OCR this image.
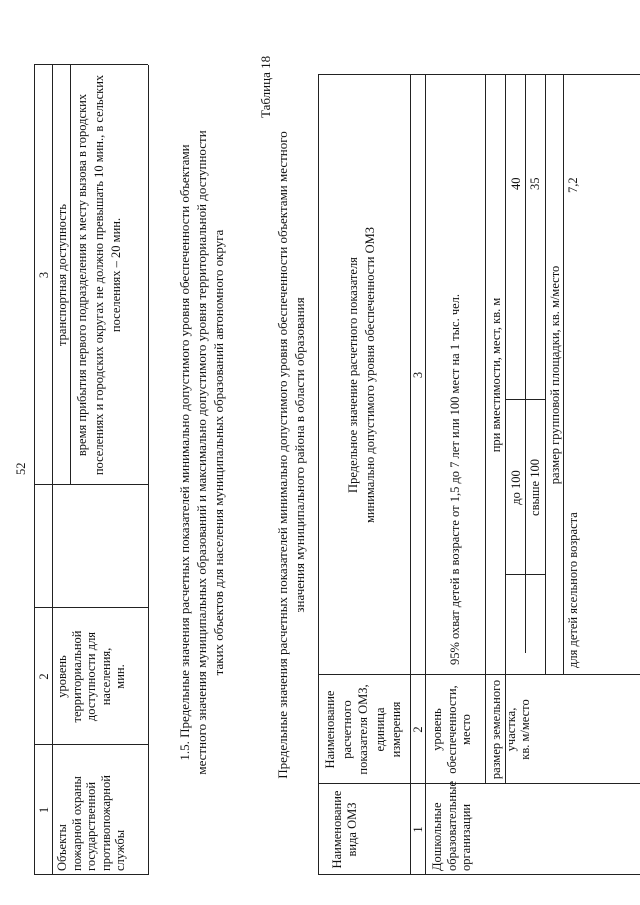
52
1
2
3
Объекты пожарной охраны государственной противопожарной службы
уровень территориальной доступности для населения, мин.
транспортная доступность время прибытия первого подразделения к месту вызова в городских поселениях и городских округах не должно превышать 10 мин., в сельских поселениях – 20 мин.	1.5. Предельные значения расчетных показателей минимально допустимого уровня обеспеченности объектами местного значения муниципальных образований и максимально допустимого уровня территориальной доступности таких объектов для населения муниципальных образований автономного округа
Таблица 18
Предельные значения расчетных показателей минимально допустимого уровня обеспеченности объектами местного значения муниципального района в области образования
Наименование вида ОМЗ
Наименование расчетного показателя ОМЗ, единица измерения
Предельное значение расчетного показателя минимально допустимого уровня обеспеченности ОМЗ
1
2
3
Дошкольные образовательные организации
уровень обеспеченности, место
95% охват детей в возрасте от 1,5 до 7 лет или 100 мест на 1 тыс. чел.
размер земельного участка, кв. м/место
при вместимости, мест, кв. м
до 100
40
свыше 100
35
размер групповой площадки, кв. м/место
для детей ясельного возраста
7,2
